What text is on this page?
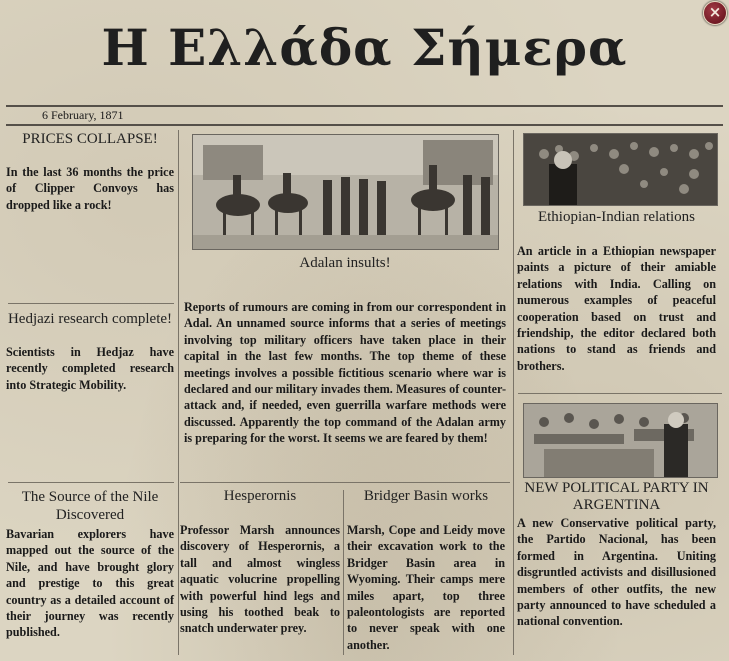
×
Η Ελλάδα Σήμερα
6 February, 1871
PRICES COLLAPSE!
In the last 36 months the price of Clipper Convoys has dropped like a rock!
Hedjazi research complete!
Scientists in Hedjaz have recently completed research into Strategic Mobility.
The Source of the Nile Discovered
Bavarian explorers have mapped out the source of the Nile, and have brought glory and prestige to this great country as a detailed account of their journey was recently published.
Adalan insults!
Reports of rumours are coming in from our correspondent in Adal. An unnamed source informs that a series of meetings involving top military officers have taken place in their capital in the last few months. The top theme of these meetings involves a possible fictitious scenario where war is declared and our military invades them. Measures of counter-attack and, if needed, even guerrilla warfare methods were discussed. Apparently the top command of the Adalan army is preparing for the worst. It seems we are feared by them!
Hesperornis
Professor Marsh announces discovery of Hesperornis, a tall and almost wingless aquatic volucrine propelling with powerful hind legs and using his toothed beak to snatch underwater prey.
Bridger Basin works
Marsh, Cope and Leidy move their excavation work to the Bridger Basin area in Wyoming. Their camps mere miles apart, top three paleontologists are reported to never speak with one another.
Ethiopian-Indian relations
An article in a Ethiopian newspaper paints a picture of their amiable relations with India. Calling on numerous examples of peaceful cooperation based on trust and friendship, the editor declared both nations to stand as friends and brothers.
NEW POLITICAL PARTY IN ARGENTINA
A new Conservative political party, the Partido Nacional, has been formed in Argentina. Uniting disgruntled activists and disillusioned members of other outfits, the new party announced to have scheduled a national convention.
